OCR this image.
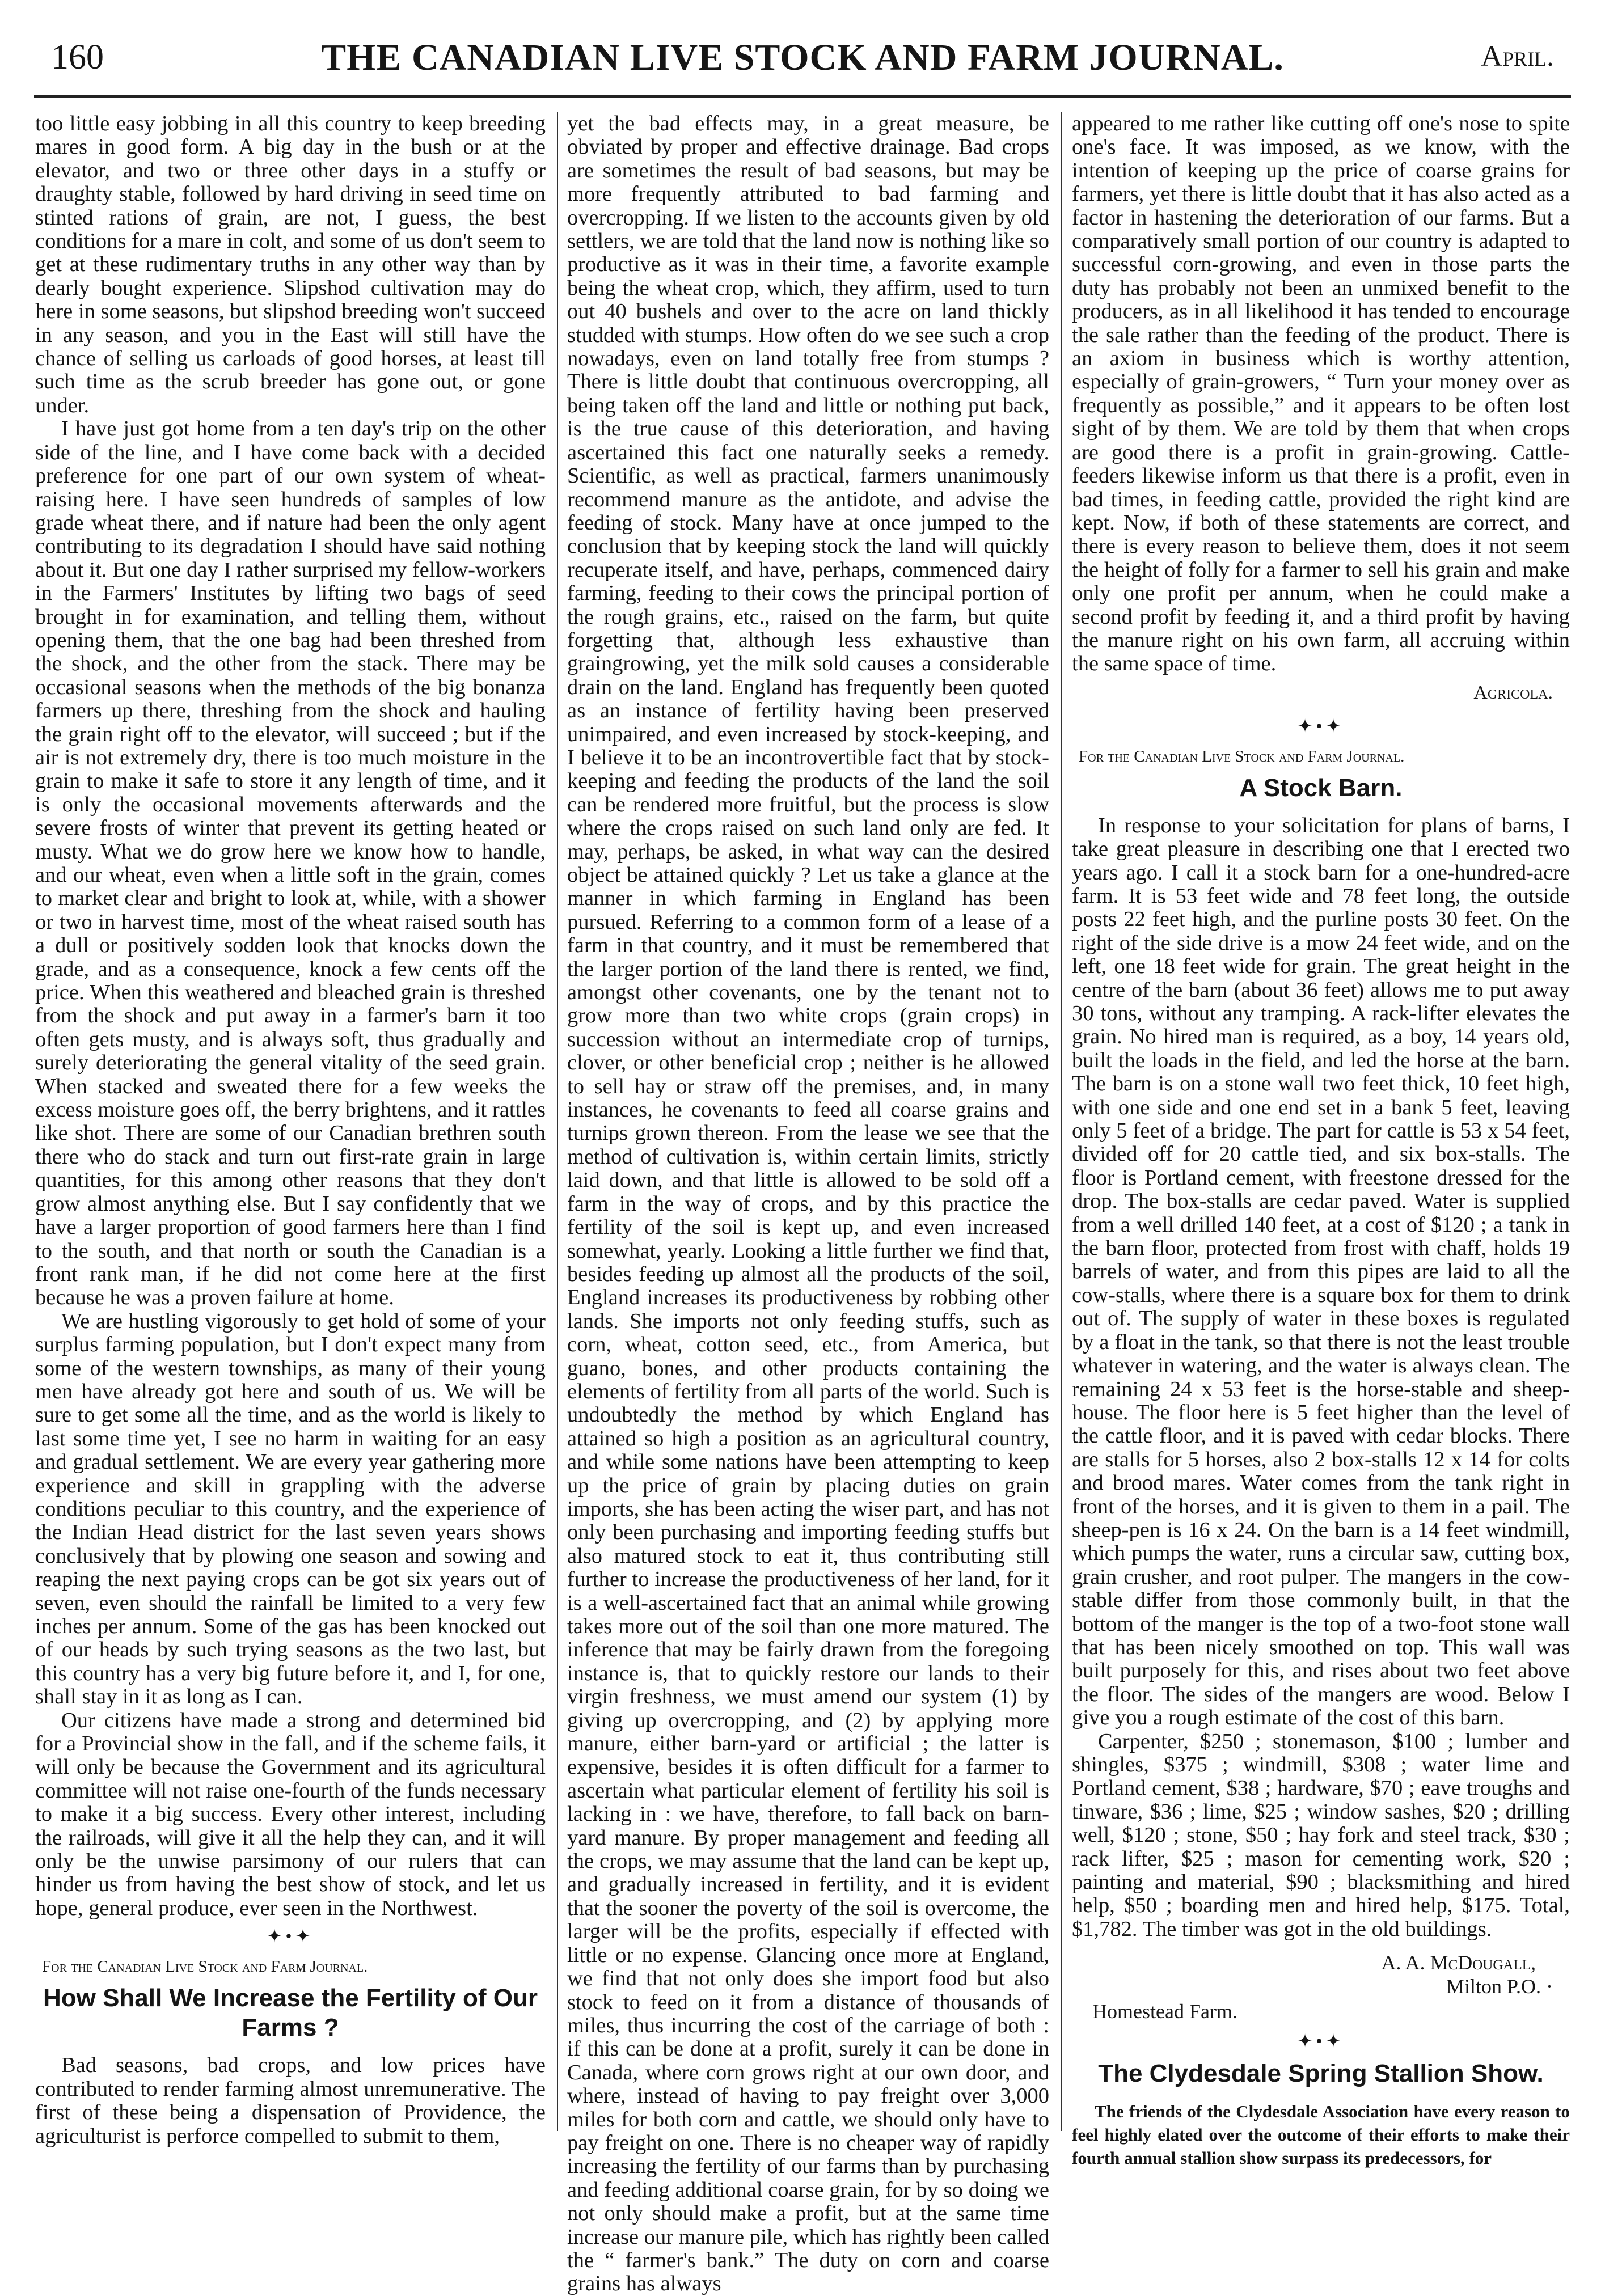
160	THE CANADIAN LIVE STOCK AND FARM JOURNAL.	April.

too little easy jobbing in all this country to keep breeding mares in good form. A big day in the bush or at the elevator, and two or three other days in a stuffy or draughty stable, followed by hard driving in seed time on stinted rations of grain, are not, I guess, the best conditions for a mare in colt, and some of us don't seem to get at these rudimentary truths in any other way than by dearly bought experience. Slipshod cultivation may do here in some seasons, but slipshod breeding won't succeed in any season, and you in the East will still have the chance of selling us carloads of good horses, at least till such time as the scrub breeder has gone out, or gone under.

I have just got home from a ten day's trip on the other side of the line, and I have come back with a decided preference for one part of our own system of wheat-raising here. I have seen hundreds of samples of low grade wheat there, and if nature had been the only agent contributing to its degradation I should have said nothing about it. But one day I rather surprised my fellow-workers in the Farmers' Institutes by lifting two bags of seed brought in for examination, and telling them, without opening them, that the one bag had been threshed from the shock, and the other from the stack. There may be occasional seasons when the methods of the big bonanza farmers up there, threshing from the shock and hauling the grain right off to the elevator, will succeed ; but if the air is not extremely dry, there is too much moisture in the grain to make it safe to store it any length of time, and it is only the occasional movements afterwards and the severe frosts of winter that prevent its getting heated or musty. What we do grow here we know how to handle, and our wheat, even when a little soft in the grain, comes to market clear and bright to look at, while, with a shower or two in harvest time, most of the wheat raised south has a dull or positively sodden look that knocks down the grade, and as a consequence, knock a few cents off the price. When this weathered and bleached grain is threshed from the shock and put away in a farmer's barn it too often gets musty, and is always soft, thus gradually and surely deteriorating the general vitality of the seed grain. When stacked and sweated there for a few weeks the excess moisture goes off, the berry brightens, and it rattles like shot. There are some of our Canadian brethren south there who do stack and turn out first-rate grain in large quantities, for this among other reasons that they don't grow almost anything else. But I say confidently that we have a larger proportion of good farmers here than I find to the south, and that north or south the Canadian is a front rank man, if he did not come here at the first because he was a proven failure at home.

We are hustling vigorously to get hold of some of your surplus farming population, but I don't expect many from some of the western townships, as many of their young men have already got here and south of us. We will be sure to get some all the time, and as the world is likely to last some time yet, I see no harm in waiting for an easy and gradual settlement. We are every year gathering more experience and skill in grappling with the adverse conditions peculiar to this country, and the experience of the Indian Head district for the last seven years shows conclusively that by plowing one season and sowing and reaping the next paying crops can be got six years out of seven, even should the rainfall be limited to a very few inches per annum. Some of the gas has been knocked out of our heads by such trying seasons as the two last, but this country has a very big future before it, and I, for one, shall stay in it as long as I can.

Our citizens have made a strong and determined bid for a Provincial show in the fall, and if the scheme fails, it will only be because the Government and its agricultural committee will not raise one-fourth of the funds necessary to make it a big success. Every other interest, including the railroads, will give it all the help they can, and it will only be the unwise parsimony of our rulers that can hinder us from having the best show of stock, and let us hope, general produce, ever seen in the Northwest.

✦•✦
For the Canadian Live Stock and Farm Journal.
How Shall We Increase the Fertility of Our Farms ?

Bad seasons, bad crops, and low prices have contributed to render farming almost unremunerative. The first of these being a dispensation of Providence, the agriculturist is perforce compelled to submit to them,

yet the bad effects may, in a great measure, be obviated by proper and effective drainage. Bad crops are sometimes the result of bad seasons, but may be more frequently attributed to bad farming and overcropping. If we listen to the accounts given by old settlers, we are told that the land now is nothing like so productive as it was in their time, a favorite example being the wheat crop, which, they affirm, used to turn out 40 bushels and over to the acre on land thickly studded with stumps. How often do we see such a crop nowadays, even on land totally free from stumps ? There is little doubt that continuous overcropping, all being taken off the land and little or nothing put back, is the true cause of this deterioration, and having ascertained this fact one naturally seeks a remedy. Scientific, as well as practical, farmers unanimously recommend manure as the antidote, and advise the feeding of stock. Many have at once jumped to the conclusion that by keeping stock the land will quickly recuperate itself, and have, perhaps, commenced dairy farming, feeding to their cows the principal portion of the rough grains, etc., raised on the farm, but quite forgetting that, although less exhaustive than graingrowing, yet the milk sold causes a considerable drain on the land. England has frequently been quoted as an instance of fertility having been preserved unimpaired, and even increased by stock-keeping, and I believe it to be an incontrovertible fact that by stock-keeping and feeding the products of the land the soil can be rendered more fruitful, but the process is slow where the crops raised on such land only are fed. It may, perhaps, be asked, in what way can the desired object be attained quickly ? Let us take a glance at the manner in which farming in England has been pursued. Referring to a common form of a lease of a farm in that country, and it must be remembered that the larger portion of the land there is rented, we find, amongst other covenants, one by the tenant not to grow more than two white crops (grain crops) in succession without an intermediate crop of turnips, clover, or other beneficial crop ; neither is he allowed to sell hay or straw off the premises, and, in many instances, he covenants to feed all coarse grains and turnips grown thereon. From the lease we see that the method of cultivation is, within certain limits, strictly laid down, and that little is allowed to be sold off a farm in the way of crops, and by this practice the fertility of the soil is kept up, and even increased somewhat, yearly. Looking a little further we find that, besides feeding up almost all the products of the soil, England increases its productiveness by robbing other lands. She imports not only feeding stuffs, such as corn, wheat, cotton seed, etc., from America, but guano, bones, and other products containing the elements of fertility from all parts of the world. Such is undoubtedly the method by which England has attained so high a position as an agricultural country, and while some nations have been attempting to keep up the price of grain by placing duties on grain imports, she has been acting the wiser part, and has not only been purchasing and importing feeding stuffs but also matured stock to eat it, thus contributing still further to increase the productiveness of her land, for it is a well-ascertained fact that an animal while growing takes more out of the soil than one more matured. The inference that may be fairly drawn from the foregoing instance is, that to quickly restore our lands to their virgin freshness, we must amend our system (1) by giving up overcropping, and (2) by applying more manure, either barn-yard or artificial ; the latter is expensive, besides it is often difficult for a farmer to ascertain what particular element of fertility his soil is lacking in : we have, therefore, to fall back on barn-yard manure. By proper management and feeding all the crops, we may assume that the land can be kept up, and gradually increased in fertility, and it is evident that the sooner the poverty of the soil is overcome, the larger will be the profits, especially if effected with little or no expense. Glancing once more at England, we find that not only does she import food but also stock to feed on it from a distance of thousands of miles, thus incurring the cost of the carriage of both : if this can be done at a profit, surely it can be done in Canada, where corn grows right at our own door, and where, instead of having to pay freight over 3,000 miles for both corn and cattle, we should only have to pay freight on one. There is no cheaper way of rapidly increasing the fertility of our farms than by purchasing and feeding additional coarse grain, for by so doing we not only should make a profit, but at the same time increase our manure pile, which has rightly been called the “ farmer's bank.” The duty on corn and coarse grains has always

appeared to me rather like cutting off one's nose to spite one's face. It was imposed, as we know, with the intention of keeping up the price of coarse grains for farmers, yet there is little doubt that it has also acted as a factor in hastening the deterioration of our farms. But a comparatively small portion of our country is adapted to successful corn-growing, and even in those parts the duty has probably not been an unmixed benefit to the producers, as in all likelihood it has tended to encourage the sale rather than the feeding of the product. There is an axiom in business which is worthy attention, especially of grain-growers, “ Turn your money over as frequently as possible,” and it appears to be often lost sight of by them. We are told by them that when crops are good there is a profit in grain-growing. Cattle-feeders likewise inform us that there is a profit, even in bad times, in feeding cattle, provided the right kind are kept. Now, if both of these statements are correct, and there is every reason to believe them, does it not seem the height of folly for a farmer to sell his grain and make only one profit per annum, when he could make a second profit by feeding it, and a third profit by having the manure right on his own farm, all accruing within the same space of time.

Agricola.
✦•✦
For the Canadian Live Stock and Farm Journal.
A Stock Barn.

In response to your solicitation for plans of barns, I take great pleasure in describing one that I erected two years ago. I call it a stock barn for a one-hundred-acre farm. It is 53 feet wide and 78 feet long, the outside posts 22 feet high, and the purline posts 30 feet. On the right of the side drive is a mow 24 feet wide, and on the left, one 18 feet wide for grain. The great height in the centre of the barn (about 36 feet) allows me to put away 30 tons, without any tramping. A rack-lifter elevates the grain. No hired man is required, as a boy, 14 years old, built the loads in the field, and led the horse at the barn. The barn is on a stone wall two feet thick, 10 feet high, with one side and one end set in a bank 5 feet, leaving only 5 feet of a bridge. The part for cattle is 53 x 54 feet, divided off for 20 cattle tied, and six box-stalls. The floor is Portland cement, with freestone dressed for the drop. The box-stalls are cedar paved. Water is supplied from a well drilled 140 feet, at a cost of $120 ; a tank in the barn floor, protected from frost with chaff, holds 19 barrels of water, and from this pipes are laid to all the cow-stalls, where there is a square box for them to drink out of. The supply of water in these boxes is regulated by a float in the tank, so that there is not the least trouble whatever in watering, and the water is always clean. The remaining 24 x 53 feet is the horse-stable and sheep-house. The floor here is 5 feet higher than the level of the cattle floor, and it is paved with cedar blocks. There are stalls for 5 horses, also 2 box-stalls 12 x 14 for colts and brood mares. Water comes from the tank right in front of the horses, and it is given to them in a pail. The sheep-pen is 16 x 24. On the barn is a 14 feet windmill, which pumps the water, runs a circular saw, cutting box, grain crusher, and root pulper. The mangers in the cow-stable differ from those commonly built, in that the bottom of the manger is the top of a two-foot stone wall that has been nicely smoothed on top. This wall was built purposely for this, and rises about two feet above the floor. The sides of the mangers are wood. Below I give you a rough estimate of the cost of this barn.

Carpenter, $250 ; stonemason, $100 ; lumber and shingles, $375 ; windmill, $308 ; water lime and Portland cement, $38 ; hardware, $70 ; eave troughs and tinware, $36 ; lime, $25 ; window sashes, $20 ; drilling well, $120 ; stone, $50 ; hay fork and steel track, $30 ; rack lifter, $25 ; mason for cementing work, $20 ; painting and material, $90 ; blacksmithing and hired help, $50 ; boarding men and hired help, $175. Total, $1,782. The timber was got in the old buildings.

A. A. McDougall,
Milton P.O. ·
Homestead Farm.
✦•✦
The Clydesdale Spring Stallion Show.

The friends of the Clydesdale Association have every reason to feel highly elated over the outcome of their efforts to make their fourth annual stallion show surpass its predecessors, for
